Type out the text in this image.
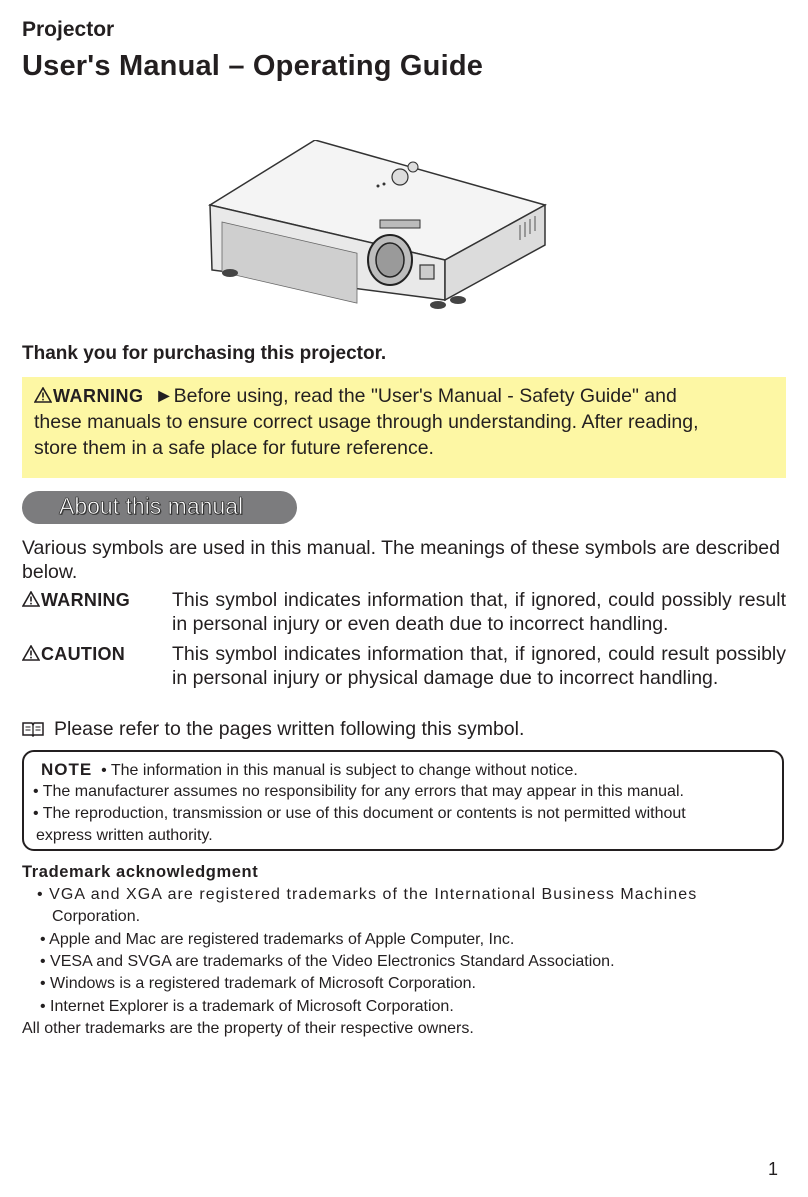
Projector
User's Manual – Operating Guide
Thank you for purchasing this projector.
WARNING ►Before using, read the "User's Manual - Safety Guide" and
these manuals to ensure correct usage through understanding. After reading,
store them in a safe place for future reference.
About this manual
Various symbols are used in this manual. The meanings of these symbols are described below.
WARNING This symbol indicates information that, if ignored, could possibly result in personal injury or even death due to incorrect handling.
CAUTION This symbol indicates information that, if ignored, could result possibly in personal injury or physical damage due to incorrect handling.
Please refer to the pages written following this symbol.
NOTE • The information in this manual is subject to change without notice.
• The manufacturer assumes no responsibility for any errors that may appear in this manual.
• The reproduction, transmission or use of this document or contents is not permitted without
express written authority.
Trademark acknowledgment
• VGA and XGA are registered trademarks of the International Business Machines
Corporation.
• Apple and Mac are registered trademarks of Apple Computer, Inc.
• VESA and SVGA are trademarks of the Video Electronics Standard Association.
• Windows is a registered trademark of Microsoft Corporation.
• Internet Explorer is a trademark of Microsoft Corporation.
All other trademarks are the property of their respective owners.
1
